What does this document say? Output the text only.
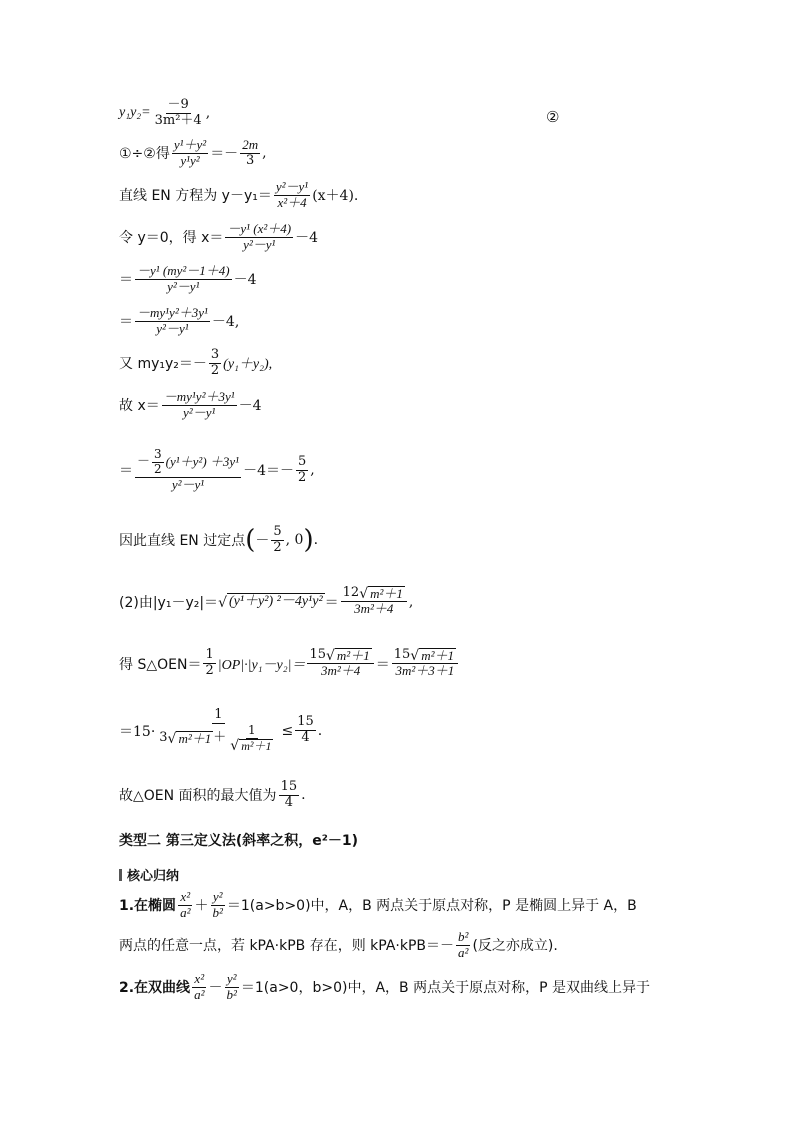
②
$y_1y_2= \frac{-9}{\text{3m²＋4}}$ ,
①÷②得 $\frac{\text{y¹＋y²}}{\text{y¹y²}} =- \frac{2m}{3}$ ,
直线 EN 方程为 $y-y_1= \frac{\text{y²－y¹}}{\text{x²＋4}} (x+4)$.
令 y＝0，得 $x= \frac{\text{－y¹ (x²＋4)}}{\text{y²－y¹}} -4$
＝ $\frac{\text{－y¹ (my²－1＋4)}}{\text{y²－y¹}} -4$
＝ $\frac{\text{－my¹y²＋3y¹}}{\text{y²－y¹}} -4$,
又 $my_1y_2=- \frac{3}{2} (y_1+y_2)$,
故 $x= \frac{\text{－my¹y²＋3y¹}}{\text{y²－y¹}} -4$
＝
－ $\frac{3}{2} (y^1+y^2) +3y^1$
y²－y¹
$-4=- \frac{5}{2}$ ,
因此直线 EN 过定点 ( － $\frac{5}{2}$ , 0 ) .
(2)由|y₁－y₂|＝ √ (y¹＋y²) $^2-4y^1y^2 = \frac{\text{12 √ m²＋1}}{\text{3m²＋4}}$ ,
得 S△OEN＝ $\frac{1}{2} |OP|\cdot|y_1-y_2|= \frac{\text{15 √ m²＋1}}{\text{3m²＋4}} = \frac{\text{15 √ m²＋1}}{\text{3m²＋3＋1}}$
＝15·
1
3 √ $m^2+1 + \frac{1}{\text{√ m²＋1}} \le \frac{15}{4}$ .
故△OEN 面积的最大值为 $\frac{15}{4}$ .
类型二 第三定义法(斜率之积，e²－1)
核心归纳
1.在椭圆 $\frac{\text{x²}}{\text{a²}} + \frac{\text{y²}}{\text{b²}} =1(a>b>0)$中，A，B 两点关于原点对称，P 是椭圆上异于 A，B
两点的任意一点，若 kPA·kPB 存在，则 $kPA\cdot kPB=- \frac{\text{b²}}{\text{a²}}$ (反之亦成立).
2.在双曲线 $\frac{\text{x²}}{\text{a²}} - \frac{\text{y²}}{\text{b²}} =1(a>0$，b>0)中，A，B 两点关于原点对称，P 是双曲线上异于
